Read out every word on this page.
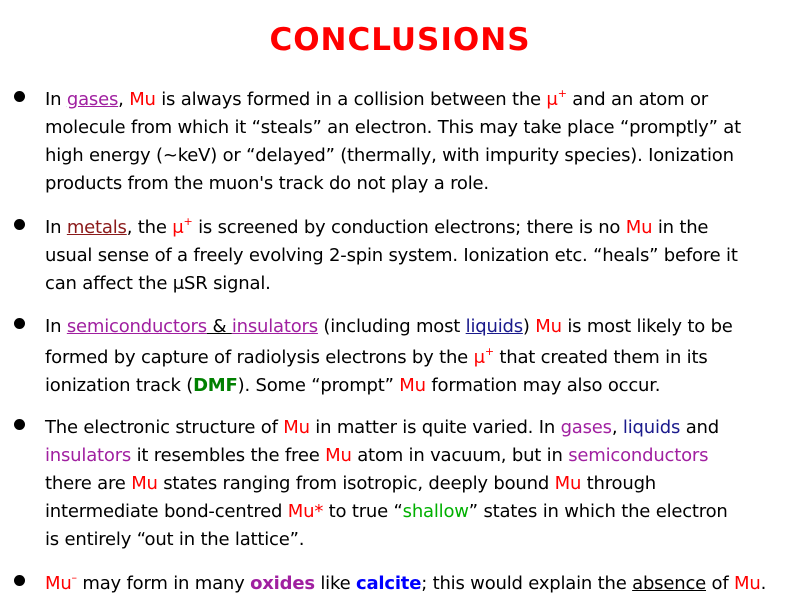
CONCLUSIONS
In gases, Mu is always formed in a collision between the μ+ and an atom or
molecule from which it “steals” an electron. This may take place “promptly” at
high energy (~keV) or “delayed” (thermally, with impurity species). Ionization
products from the muon's track do not play a role.
In metals, the μ+ is screened by conduction electrons; there is no Mu in the
usual sense of a freely evolving 2-spin system. Ionization etc. “heals” before it
can affect the μSR signal.
In semiconductors & insulators (including most liquids) Mu is most likely to be
formed by capture of radiolysis electrons by the μ+ that created them in its
ionization track (DMF). Some “prompt” Mu formation may also occur.
The electronic structure of Mu in matter is quite varied. In gases, liquids and
insulators it resembles the free Mu atom in vacuum, but in semiconductors
there are Mu states ranging from isotropic, deeply bound Mu through
intermediate bond-centred Mu* to true “shallow” states in which the electron
is entirely “out in the lattice”.
Mu– may form in many oxides like calcite; this would explain the absence of Mu.
